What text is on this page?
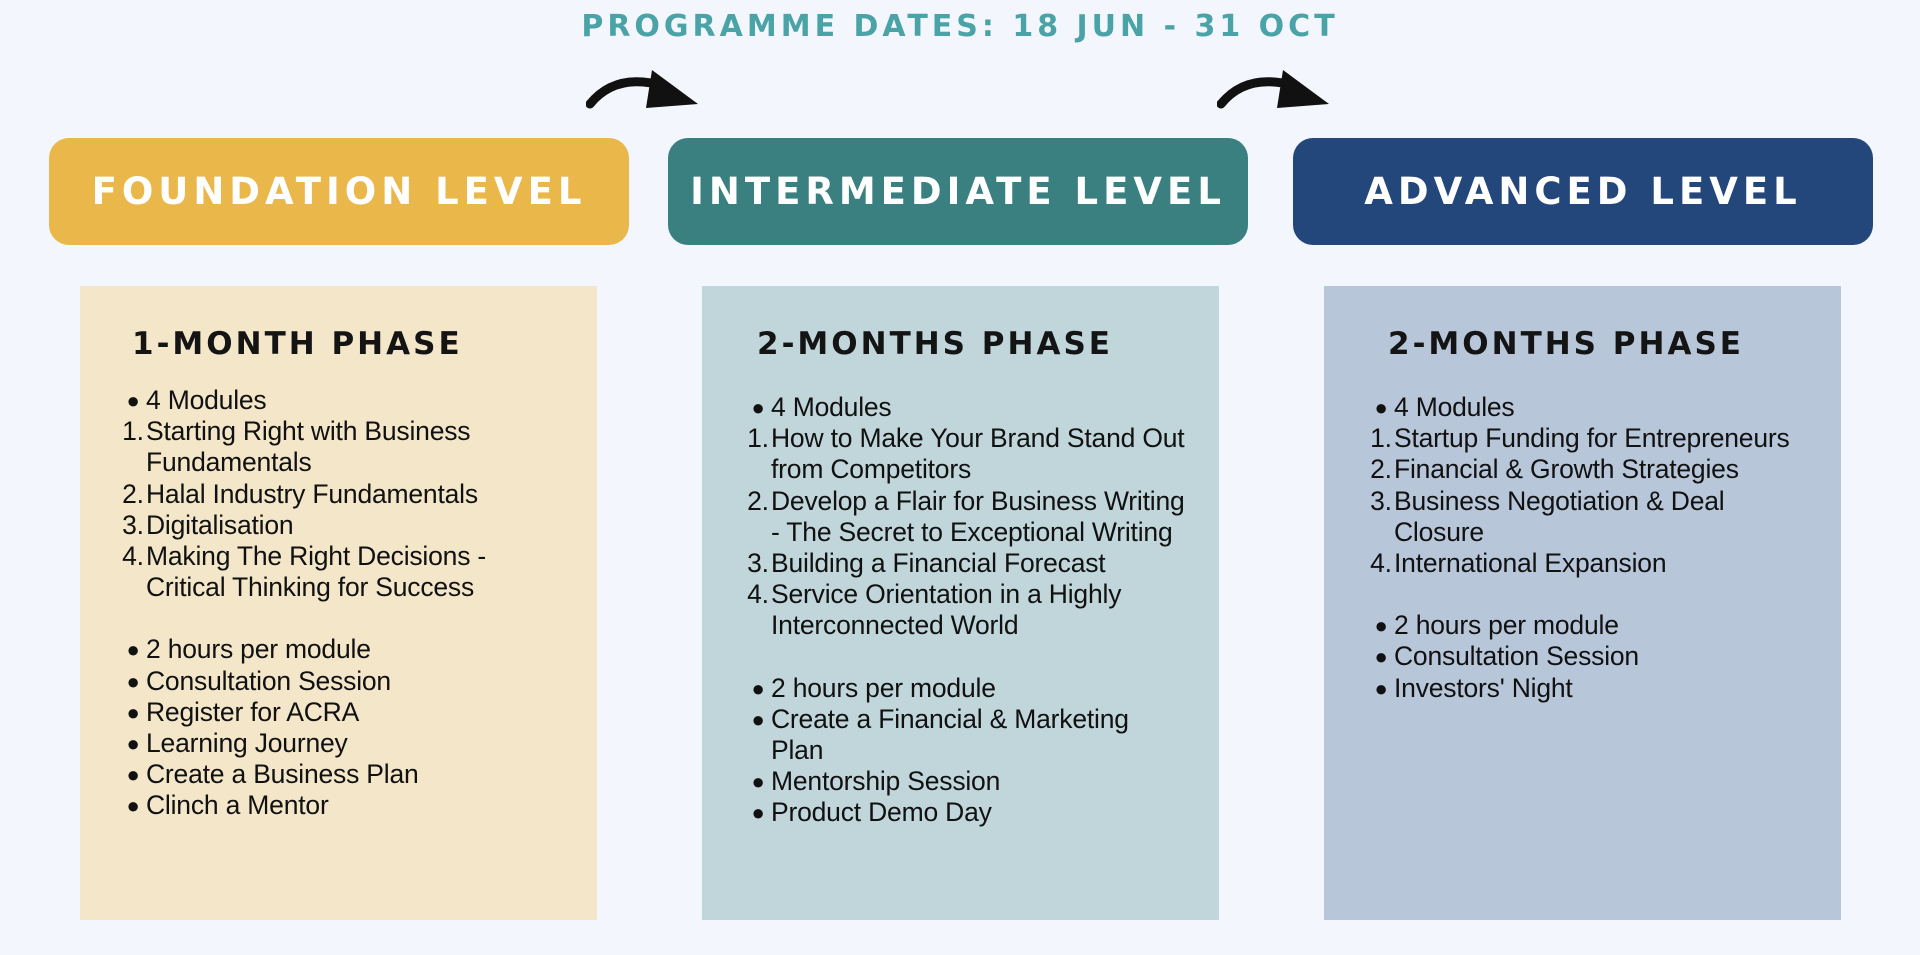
PROGRAMME DATES: 18 JUN - 31 OCT
FOUNDATION LEVEL	INTERMEDIATE LEVEL	ADVANCED LEVEL
1-MONTH PHASE
● 4 Modules
1. Starting Right with Business Fundamentals
2. Halal Industry Fundamentals
3. Digitalisation
4. Making The Right Decisions - Critical Thinking for Success
● 2 hours per module
● Consultation Session
● Register for ACRA
● Learning Journey
● Create a Business Plan
● Clinch a Mentor
2-MONTHS PHASE
● 4 Modules
1. How to Make Your Brand Stand Out from Competitors
2. Develop a Flair for Business Writing - The Secret to Exceptional Writing
3. Building a Financial Forecast
4. Service Orientation in a Highly Interconnected World
● 2 hours per module
● Create a Financial & Marketing Plan
● Mentorship Session
● Product Demo Day
2-MONTHS PHASE
● 4 Modules
1. Startup Funding for Entrepreneurs
2. Financial & Growth Strategies
3. Business Negotiation & Deal Closure
4. International Expansion
● 2 hours per module
● Consultation Session
● Investors' Night
